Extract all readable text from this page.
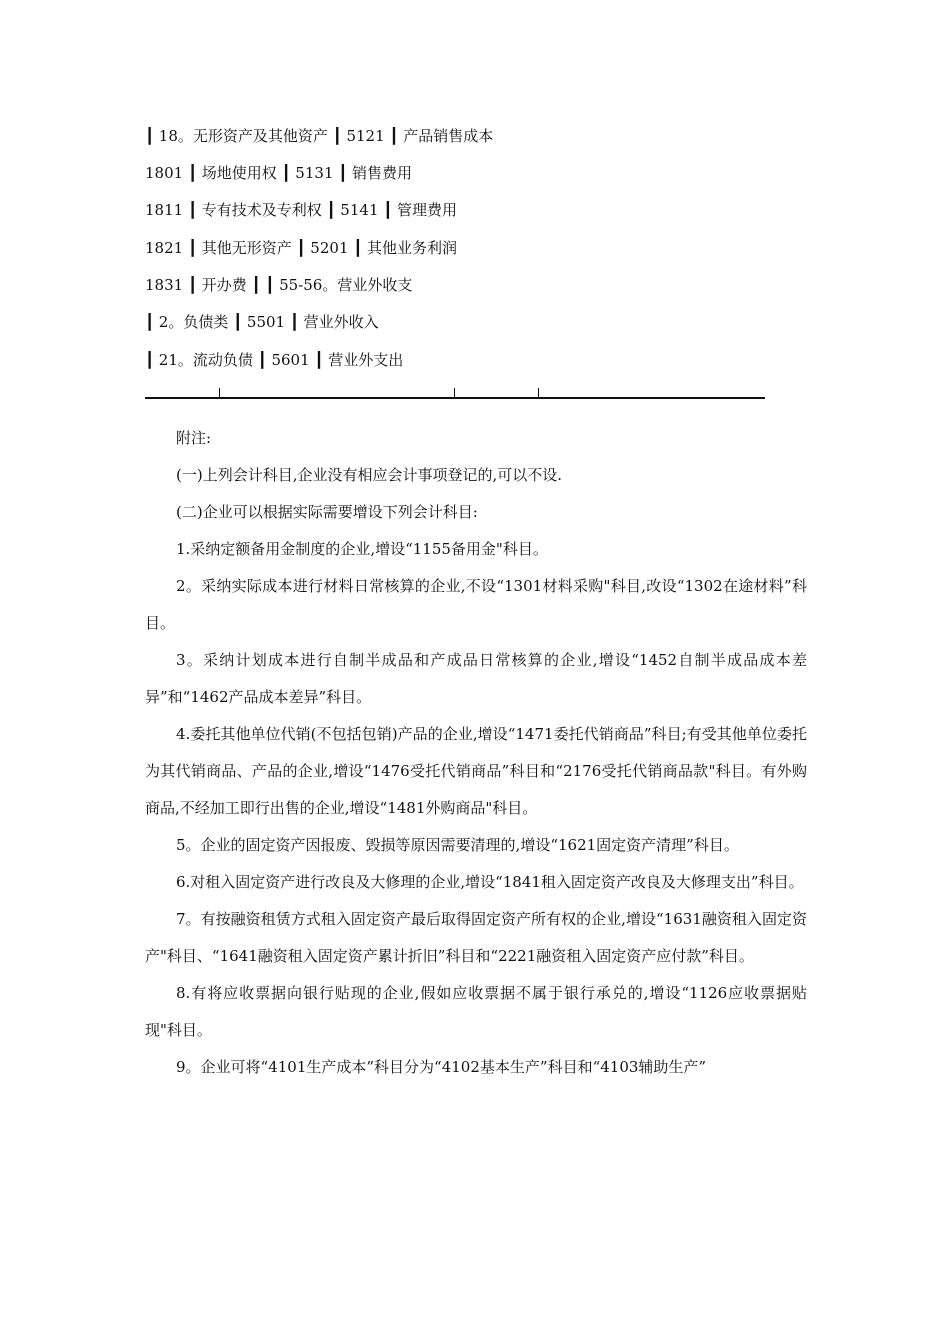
┃ 18。无形资产及其他资产 ┃ 5121 ┃ 产品销售成本
1801 ┃ 场地使用权 ┃ 5131 ┃ 销售费用
1811 ┃ 专有技术及专利权 ┃ 5141 ┃ 管理费用
1821 ┃ 其他无形资产 ┃ 5201 ┃ 其他业务利润
1831 ┃ 开办费 ┃ ┃ 55-56。营业外收支
┃ 2。负债类 ┃ 5501 ┃ 营业外收入
┃ 21。流动负债 ┃ 5601 ┃ 营业外支出

附注:

(一)上列会计科目,企业没有相应会计事项登记的,可以不设.

(二)企业可以根据实际需要增设下列会计科目:

1.采纳定额备用金制度的企业,增设“1155备用金"科目。

2。采纳实际成本进行材料日常核算的企业,不设“1301材料采购"科目,改设“1302在途材料”科目。

3。采纳计划成本进行自制半成品和产成品日常核算的企业,增设“1452自制半成品成本差异”和“1462产品成本差异”科目。

4.委托其他单位代销(不包括包销)产品的企业,增设“1471委托代销商品”科目;有受其他单位委托为其代销商品、产品的企业,增设“1476受托代销商品”科目和“2176受托代销商品款"科目。有外购商品,不经加工即行出售的企业,增设“1481外购商品"科目。

5。企业的固定资产因报废、毁损等原因需要清理的,增设“1621固定资产清理”科目。

6.对租入固定资产进行改良及大修理的企业,增设“1841租入固定资产改良及大修理支出”科目。

7。有按融资租赁方式租入固定资产最后取得固定资产所有权的企业,增设“1631融资租入固定资产"科目、“1641融资租入固定资产累计折旧”科目和“2221融资租入固定资产应付款”科目。

8.有将应收票据向银行贴现的企业,假如应收票据不属于银行承兑的,增设“1126应收票据贴现"科目。

9。企业可将“4101生产成本”科目分为“4102基本生产”科目和“4103辅助生产”
